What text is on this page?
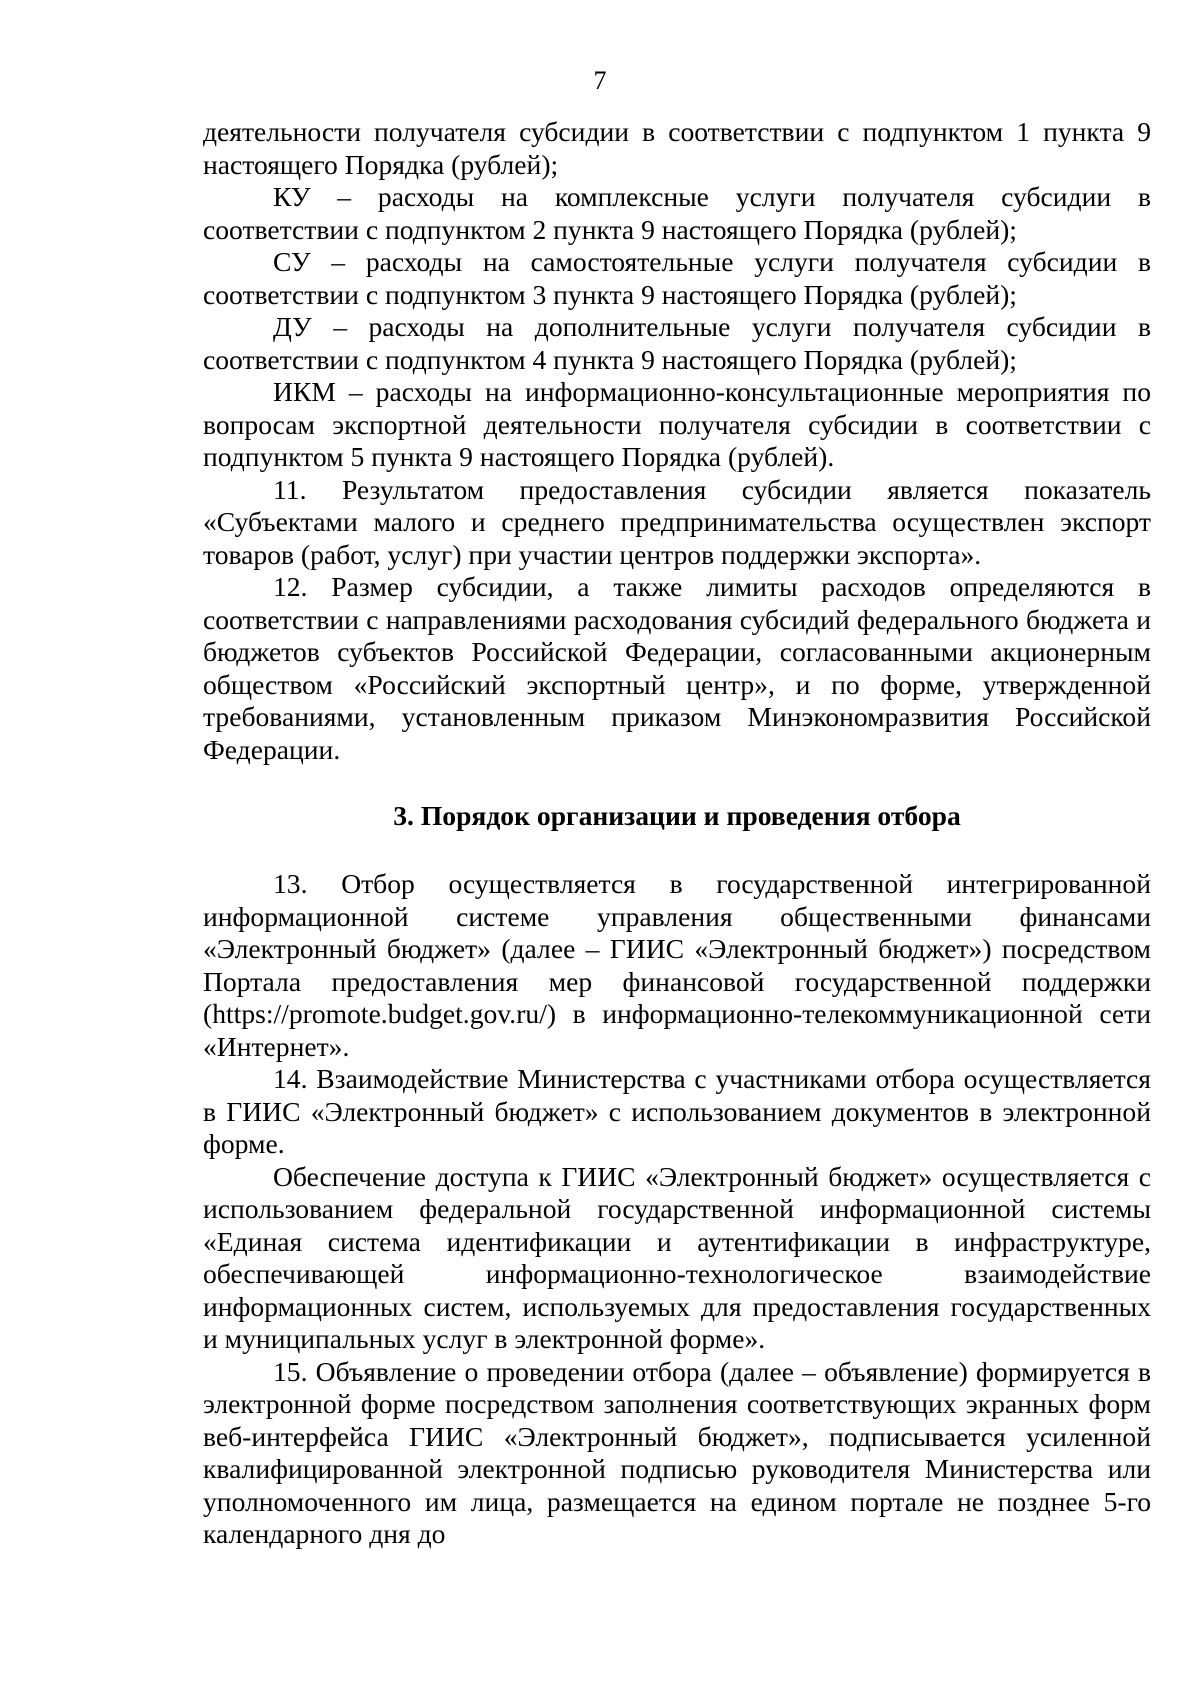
7

деятельности получателя субсидии в соответствии с подпунктом 1 пункта 9 настоящего Порядка (рублей);

КУ – расходы на комплексные услуги получателя субсидии в соответствии с подпунктом 2 пункта 9 настоящего Порядка (рублей);

СУ – расходы на самостоятельные услуги получателя субсидии в соответствии с подпунктом 3 пункта 9 настоящего Порядка (рублей);

ДУ – расходы на дополнительные услуги получателя субсидии в соответствии с подпунктом 4 пункта 9 настоящего Порядка (рублей);

ИКМ – расходы на информационно-консультационные мероприятия по вопросам экспортной деятельности получателя субсидии в соответствии с подпунктом 5 пункта 9 настоящего Порядка (рублей).

11. Результатом предоставления субсидии является показатель «Субъектами малого и среднего предпринимательства осуществлен экспорт товаров (работ, услуг) при участии центров поддержки экспорта».

12. Размер субсидии, а также лимиты расходов определяются в соответствии с направлениями расходования субсидий федерального бюджета и бюджетов субъектов Российской Федерации, согласованными акционерным обществом «Российский экспортный центр», и по форме, утвержденной требованиями, установленным приказом Минэкономразвития Российской Федерации.

3. Порядок организации и проведения отбора

13. Отбор осуществляется в государственной интегрированной информационной системе управления общественными финансами «Электронный бюджет» (далее – ГИИС «Электронный бюджет») посредством Портала предоставления мер финансовой государственной поддержки (https://promote.budget.gov.ru/) в информационно-телекоммуникационной сети «Интернет».

14. Взаимодействие Министерства с участниками отбора осуществляется в ГИИС «Электронный бюджет» с использованием документов в электронной форме.

Обеспечение доступа к ГИИС «Электронный бюджет» осуществляется с использованием федеральной государственной информационной системы «Единая система идентификации и аутентификации в инфраструктуре, обеспечивающей информационно-технологическое взаимодействие информационных систем, используемых для предоставления государственных и муниципальных услуг в электронной форме».

15. Объявление о проведении отбора (далее – объявление) формируется в электронной форме посредством заполнения соответствующих экранных форм веб-интерфейса ГИИС «Электронный бюджет», подписывается усиленной квалифицированной электронной подписью руководителя Министерства или уполномоченного им лица, размещается на едином портале не позднее 5-го календарного дня до
